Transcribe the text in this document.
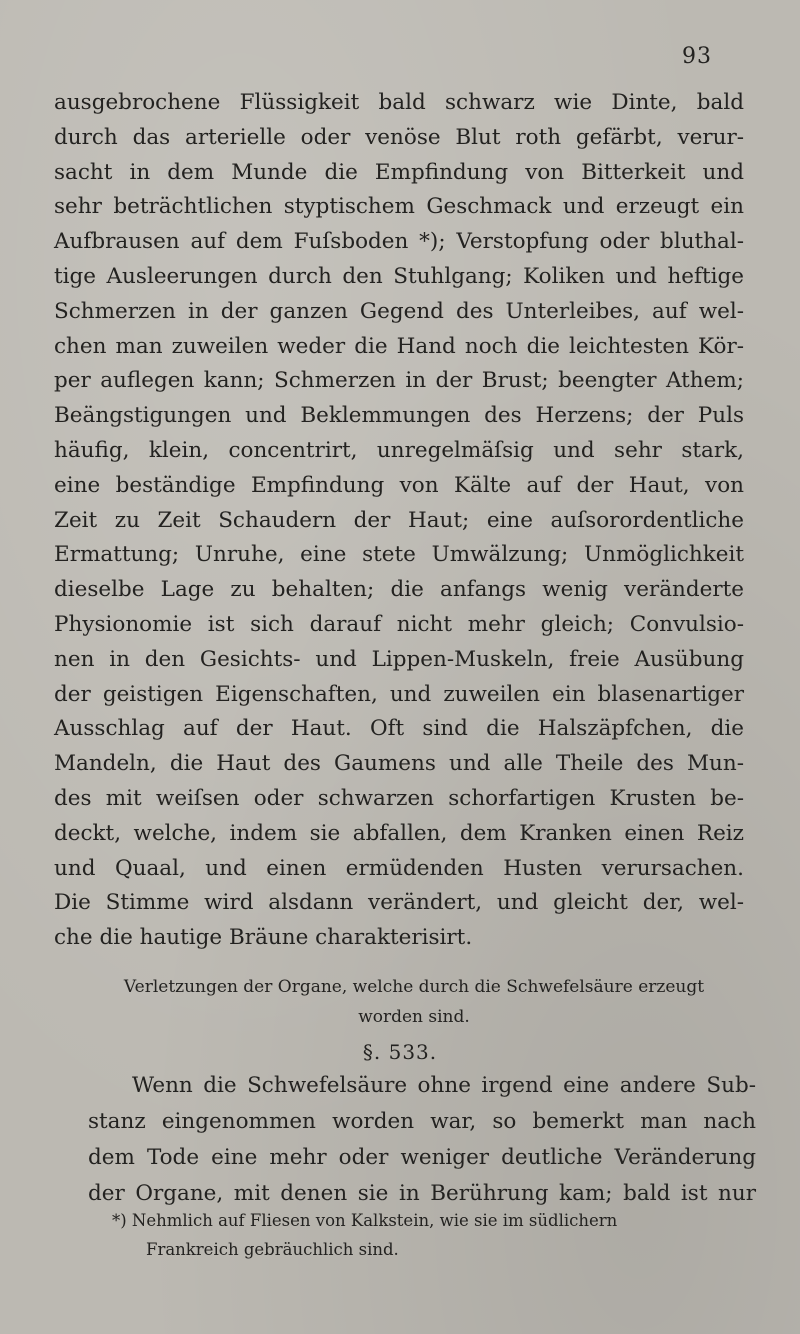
93
ausgebrochene Flüssigkeit bald schwarz wie Dinte, bald
durch das arterielle oder venöse Blut roth gefärbt, verur-
sacht in dem Munde die Empfindung von Bitterkeit und
sehr beträchtlichen styptischem Geschmack und erzeugt ein
Aufbrausen auf dem Fuſsboden *); Verstopfung oder bluthal-
tige Ausleerungen durch den Stuhlgang; Koliken und heftige
Schmerzen in der ganzen Gegend des Unterleibes, auf wel-
chen man zuweilen weder die Hand noch die leichtesten Kör-
per auflegen kann; Schmerzen in der Brust; beengter Athem;
Beängstigungen und Beklemmungen des Herzens; der Puls
häufig, klein, concentrirt, unregelmäſsig und sehr stark,
eine beständige Empfindung von Kälte auf der Haut, von
Zeit zu Zeit Schaudern der Haut; eine auſsorordentliche
Ermattung; Unruhe, eine stete Umwälzung; Unmöglichkeit
dieselbe Lage zu behalten; die anfangs wenig veränderte
Physionomie ist sich darauf nicht mehr gleich; Convulsio-
nen in den Gesichts- und Lippen-Muskeln, freie Ausübung
der geistigen Eigenschaften, und zuweilen ein blasenartiger
Ausschlag auf der Haut. Oft sind die Halszäpfchen, die
Mandeln, die Haut des Gaumens und alle Theile des Mun-
des mit weiſsen oder schwarzen schorfartigen Krusten be-
deckt, welche, indem sie abfallen, dem Kranken einen Reiz
und Quaal, und einen ermüdenden Husten verursachen.
Die Stimme wird alsdann verändert, und gleicht der, wel-
che die hautige Bräune charakterisirt.
Verletzungen der Organe, welche durch die Schwefelsäure erzeugt
worden sind.
§. 533.
Wenn die Schwefelsäure ohne irgend eine andere Sub-
stanz eingenommen worden war, so bemerkt man nach
dem Tode eine mehr oder weniger deutliche Veränderung
der Organe, mit denen sie in Berührung kam; bald ist nur
*) Nehmlich auf Fliesen von Kalkstein, wie sie im südlichern
Frankreich gebräuchlich sind.
